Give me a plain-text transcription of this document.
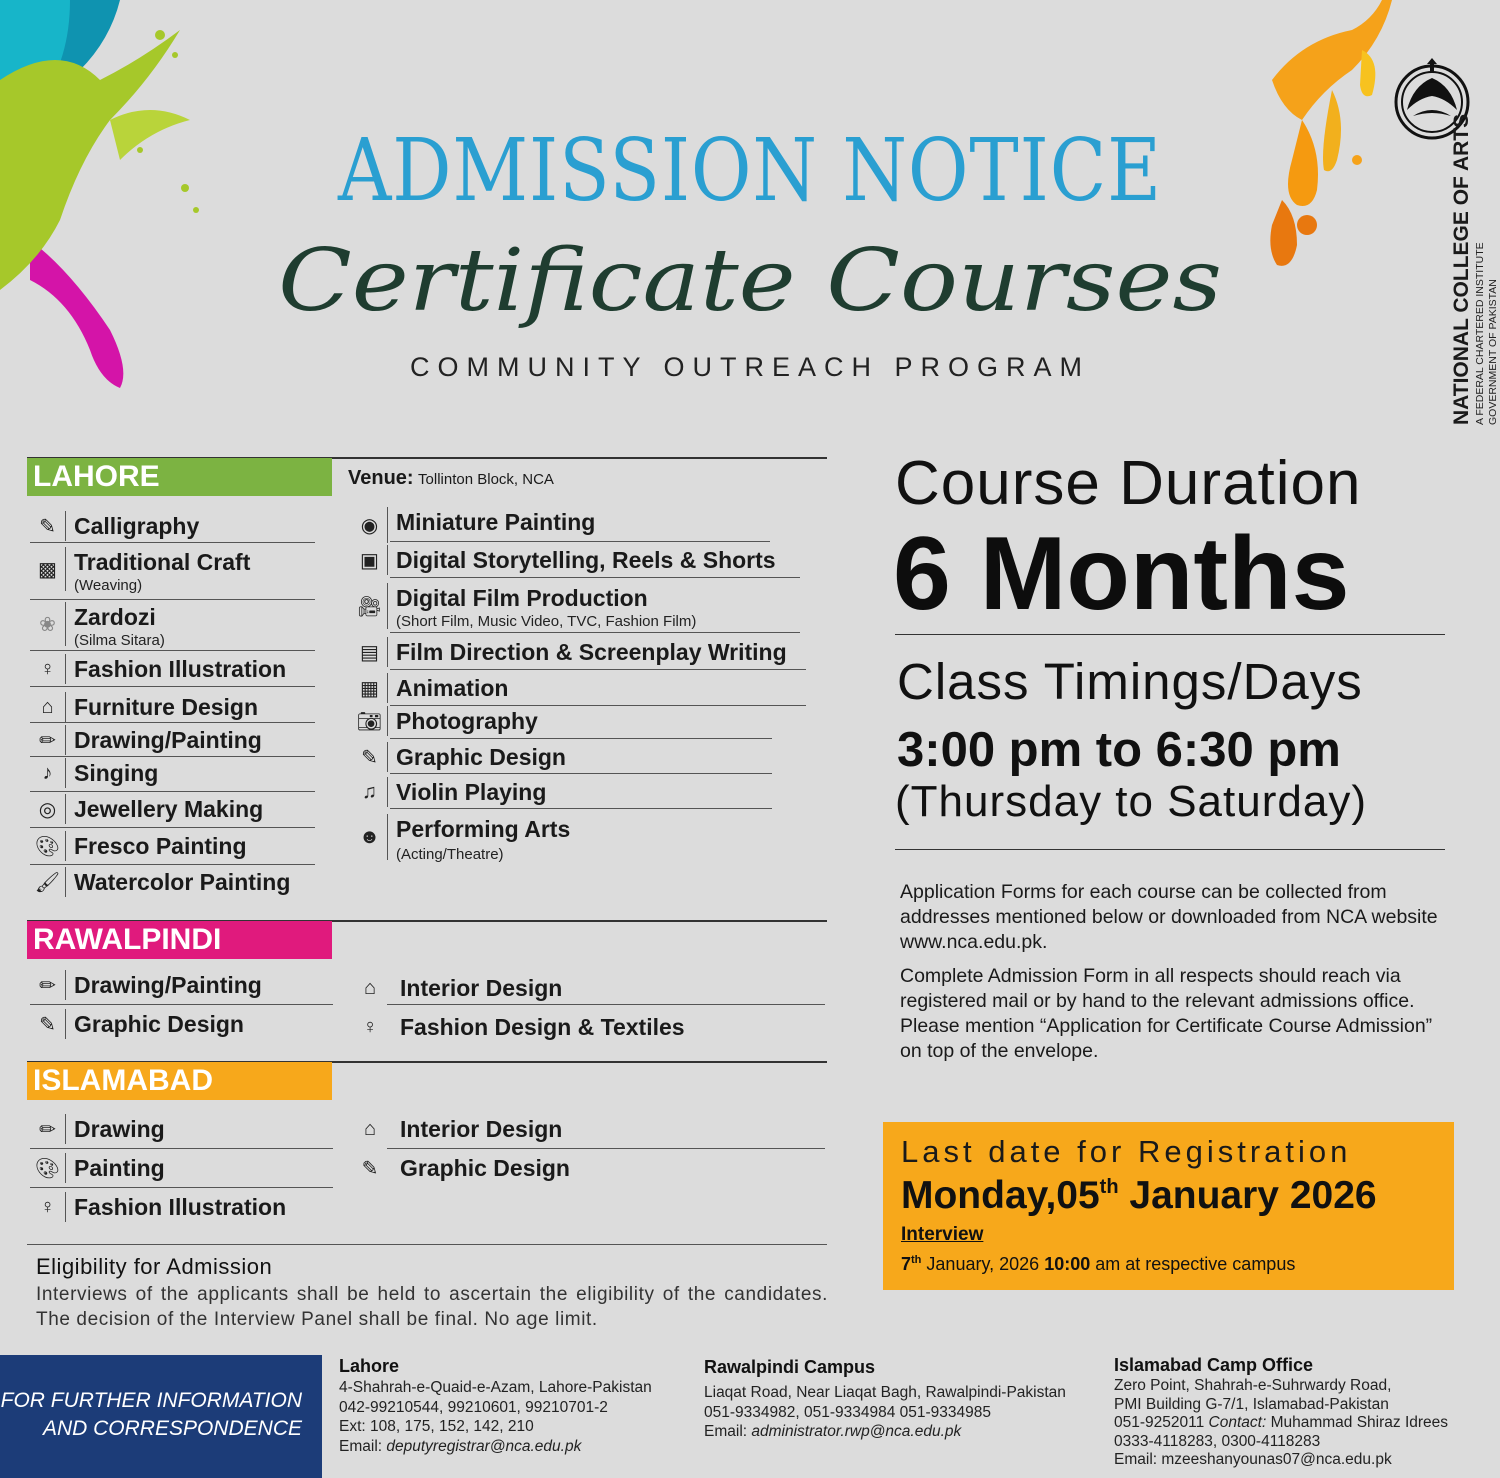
ADMISSION NOTICE
Certificate Courses
COMMUNITY OUTREACH PROGRAM	NATIONAL COLLEGE OF ARTS A FEDERAL CHARTERED INSTITUTE GOVERNMENT OF PAKISTAN
LAHORE	Venue: Tollinton Block, NCA
✎ Calligraphy
▩ Traditional Craft
(Weaving)
❀ Zardozi
(Silma Sitara)
♀ Fashion Illustration
⌂ Furniture Design
✏ Drawing/Painting
♪ Singing
◎ Jewellery Making
🎨︎ Fresco Painting
🖌︎ Watercolor Painting
◉ Miniature Painting
▣ Digital Storytelling, Reels & Shorts
🎥︎ Digital Film Production
(Short Film, Music Video, TVC, Fashion Film)
▤ Film Direction & Screenplay Writing
▦ Animation
📷︎ Photography
✎ Graphic Design
♫ Violin Playing
☻ Performing Arts
(Acting/Theatre)
RAWALPINDI
✏ Drawing/Painting
✎ Graphic Design
⌂	Interior Design
♀ Fashion Design & Textiles
ISLAMABAD
✏ Drawing
🎨︎ Painting
♀ Fashion Illustration
⌂	Interior Design
✎ Graphic Design
Eligibility for Admission
Interviews of the applicants shall be held to ascertain the eligibility of the candidates. The decision of the Interview Panel shall be final. No age limit.
Course Duration
6 Months
Class Timings/Days
3:00 pm to 6:30 pm
(Thursday to Saturday)
Application Forms for each course can be collected from addresses mentioned below or downloaded from NCA website www.nca.edu.pk.
Complete Admission Form in all respects should reach via registered mail or by hand to the relevant admissions office. Please mention “Application for Certificate Course Admission” on top of the envelope.
Last date for Registration
Monday,05th January 2026
Interview
7th January, 2026 10:00 am at respective campus
FOR FURTHER INFORMATION
AND CORRESPONDENCE
Lahore
4-Shahrah-e-Quaid-e-Azam, Lahore-Pakistan
042-99210544, 99210601, 99210701-2
Ext: 108, 175, 152, 142, 210
Email: deputyregistrar@nca.edu.pk
Rawalpindi Campus
Liaqat Road, Near Liaqat Bagh, Rawalpindi-Pakistan
051-9334982, 051-9334984 051-9334985
Email: administrator.rwp@nca.edu.pk
Islamabad Camp Office
Zero Point, Shahrah-e-Suhrwardy Road,
PMI Building G-7/1, Islamabad-Pakistan
051-9252011 Contact: Muhammad Shiraz Idrees
0333-4118283, 0300-4118283
Email: mzeeshanyounas07@nca.edu.pk
